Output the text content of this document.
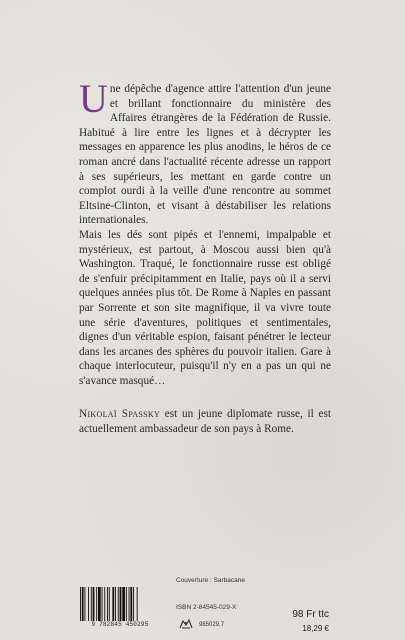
Une dépêche d'agence attire l'attention d'un jeune et brillant fonctionnaire du ministère des Affaires étrangères de la Fédération de Russie. Habitué à lire entre les lignes et à décrypter les messages en apparence les plus anodins, le héros de ce roman ancré dans l'actualité récente adresse un rapport à ses supérieurs, les mettant en garde contre un complot ourdi à la veille d'une rencontre au sommet Eltsine-Clinton, et visant à déstabiliser les relations internationales.

Mais les dés sont pipés et l'ennemi, impalpable et mystérieux, est partout, à Moscou aussi bien qu'à Washington. Traqué, le fonctionnaire russe est obligé de s'enfuir précipitamment en Italie, pays où il a servi quelques années plus tôt. De Rome à Naples en passant par Sorrente et son site magnifique, il va vivre toute une série d'aventures, politiques et sentimentales, dignes d'un véritable espion, faisant pénétrer le lecteur dans les arcanes des sphères du pouvoir italien. Gare à chaque interlocuteur, puisqu'il n'y en a pas un qui ne s'avance masqué…

Nikolaï Spassky est un jeune diplomate russe, il est actuellement ambassadeur de son pays à Rome.

Couverture : Sarbacane
9 782845 450295
ISBN 2-84545-029-X
985029.7
98 Fr ttc
18,29 €
